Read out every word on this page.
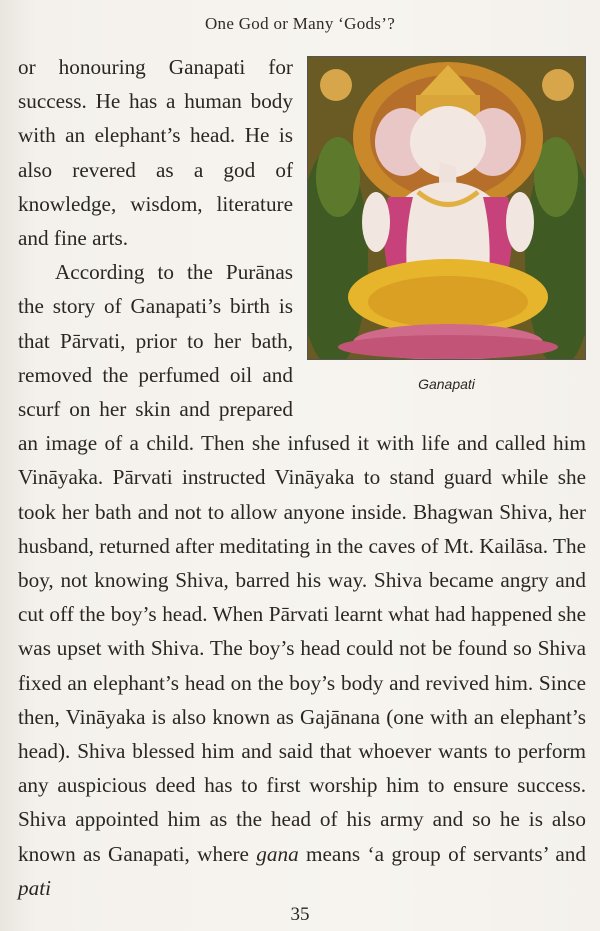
One God or Many ‘Gods’?
Ganapati

or honouring Ganapati for success. He has a human body with an elephant’s head. He is also revered as a god of knowledge, wisdom, literature and fine arts.

According to the Purānas the story of Ganapati’s birth is that Pārvati, prior to her bath, removed the perfumed oil and scurf on her skin and prepared an image of a child. Then she infused it with life and called him Vināyaka. Pārvati instructed Vināyaka to stand guard while she took her bath and not to allow anyone inside. Bhagwan Shiva, her husband, returned after meditating in the caves of Mt. Kailāsa. The boy, not knowing Shiva, barred his way. Shiva became angry and cut off the boy’s head. When Pārvati learnt what had happened she was upset with Shiva. The boy’s head could not be found so Shiva fixed an elephant’s head on the boy’s body and revived him. Since then, Vināyaka is also known as Gajānana (one with an elephant’s head). Shiva blessed him and said that whoever wants to perform any auspicious deed has to first worship him to ensure success. Shiva appointed him as the head of his army and so he is also known as Ganapati, where gana means ‘a group of servants’ and pati

35
